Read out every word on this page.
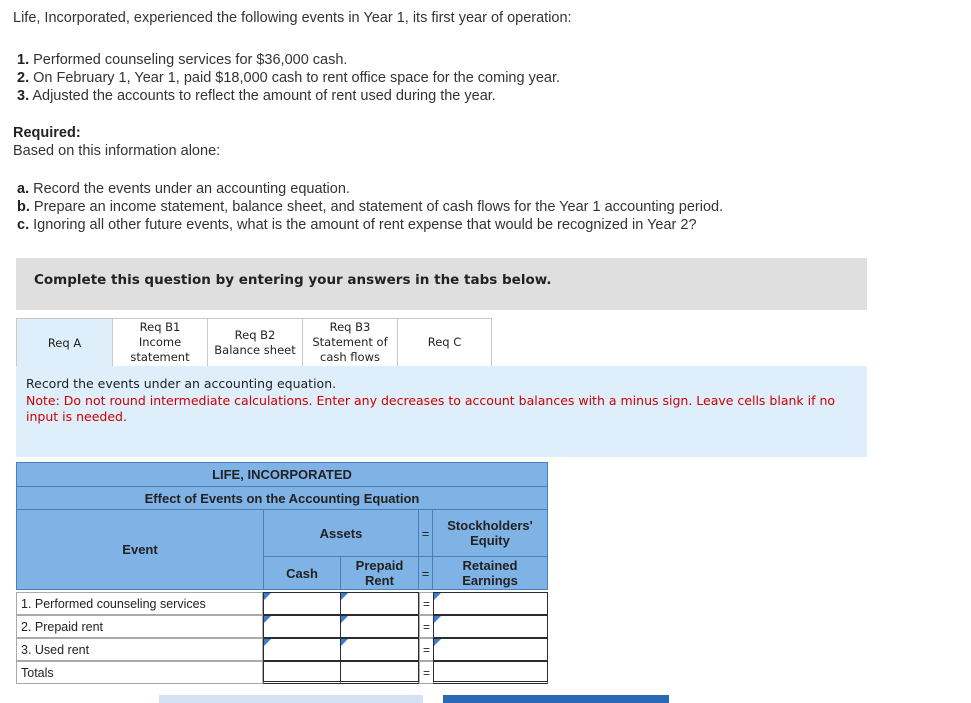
Life, Incorporated, experienced the following events in Year 1, its first year of operation:
1. Performed counseling services for $36,000 cash.
2. On February 1, Year 1, paid $18,000 cash to rent office space for the coming year.
3. Adjusted the accounts to reflect the amount of rent used during the year.
Required:
Based on this information alone:
a. Record the events under an accounting equation.
b. Prepare an income statement, balance sheet, and statement of cash flows for the Year 1 accounting period.
c. Ignoring all other future events, what is the amount of rent expense that would be recognized in Year 2?
Complete this question by entering your answers in the tabs below.
Req A
Req B1
Income
statement
Req B2
Balance sheet
Req B3
Statement of
cash flows
Req C
Record the events under an accounting equation.
Note: Do not round intermediate calculations. Enter any decreases to account balances with a minus sign. Leave cells blank if no input is needed.
LIFE, INCORPORATED
Effect of Events on the Accounting Equation
Event
Assets	=	Stockholders' Equity
Cash	Prepaid Rent	=	Retained Earnings
1. Performed counseling services	=
2. Prepaid rent	=
3. Used rent	=
Totals	=
